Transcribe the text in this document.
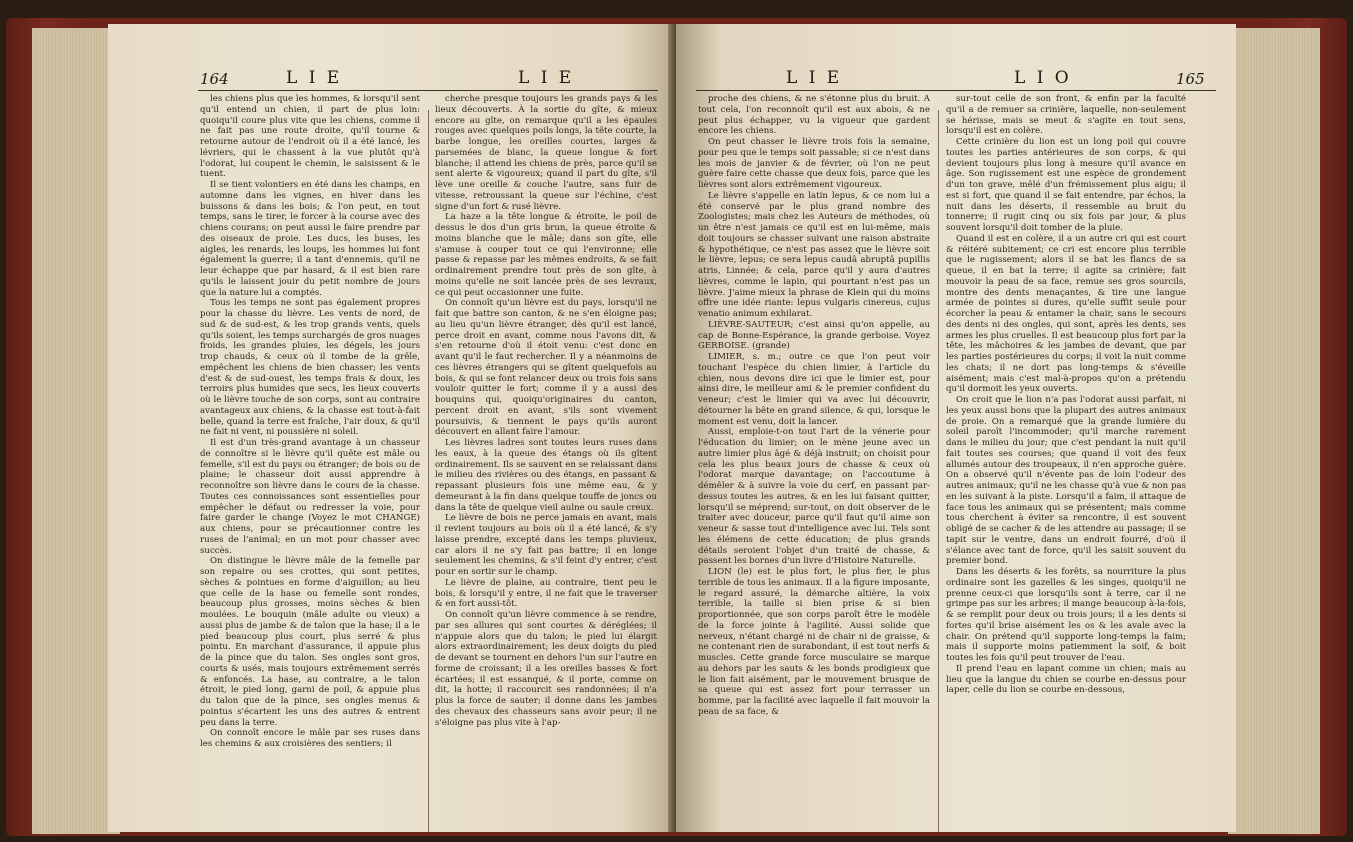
164	L I E	L I E

les chiens plus que les hommes, & lorsqu'il sent qu'il entend un chien, il part de plus loin: quoiqu'il coure plus vite que les chiens, comme il ne fait pas une route droite, qu'il tourne & retourne autour de l'endroit où il a été lancé, les lévriers, qui le chassent à la vue plutôt qu'à l'odorat, lui coupent le chemin, le saisissent & le tuent.

Il se tient volontiers en été dans les champs, en automne dans les vignes, en hiver dans les buissons & dans les bois; & l'on peut, en tout temps, sans le tirer, le forcer à la course avec des chiens courans; on peut aussi le faire prendre par des oiseaux de proie. Les ducs, les buses, les aigles, les renards, les loups, les hommes lui font également la guerre; il a tant d'ennemis, qu'il ne leur échappe que par hasard, & il est bien rare qu'ils le laissent jouir du petit nombre de jours que la nature lui a comptés.

Tous les temps ne sont pas également propres pour la chasse du lièvre. Les vents de nord, de sud & de sud-est, & les trop grands vents, quels qu'ils soient, les temps surchargés de gros nuages froids, les grandes pluies, les dégels, les jours trop chauds, & ceux où il tombe de la grêle, empêchent les chiens de bien chasser; les vents d'est & de sud-ouest, les temps frais & doux, les terroirs plus humides que secs, les lieux couverts où le lièvre touche de son corps, sont au contraire avantageux aux chiens, & la chasse est tout-à-fait belle, quand la terre est fraîche, l'air doux, & qu'il ne fait ni vent, ni poussière ni soleil.

Il est d'un très-grand avantage à un chasseur de connoître si le lièvre qu'il quête est mâle ou femelle, s'il est du pays ou étranger; de bois ou de plaine; le chasseur doit aussi apprendre à reconnoître son lièvre dans le cours de la chasse. Toutes ces connoissances sont essentielles pour empêcher le défaut ou redresser la voie, pour faire garder le change (Voyez le mot CHANGE) aux chiens, pour se précautionner contre les ruses de l'animal; en un mot pour chasser avec succès.

On distingue le lièvre mâle de la femelle par son repaire ou ses crottes, qui sont petites, sèches & pointues en forme d'aiguillon; au lieu que celle de la hase ou femelle sont rondes, beaucoup plus grosses, moins sèches & bien moulées. Le bouquin (mâle adulte ou vieux) a aussi plus de jambe & de talon que la hase; il a le pied beaucoup plus court, plus serré & plus pointu. En marchant d'assurance, il appuie plus de la pince que du talon. Ses ongles sont gros, courts & usés, mais toujours extrêmement serrés & enfoncés. La hase, au contraire, a le talon étroit, le pied long, garni de poil, & appuie plus du talon que de la pince, ses ongles menus & pointus s'écartent les uns des autres & entrent peu dans la terre.

On connoît encore le mâle par ses ruses dans les chemins & aux croisières des sentiers; il

cherche presque toujours les grands pays & les lieux découverts. À la sortie du gîte, & mieux encore au gîte, on remarque qu'il a les épaules rouges avec quelques poils longs, la tête courte, la barbe longue, les oreilles courtes, larges & parsemées de blanc, la queue longue & fort blanche; il attend les chiens de près, parce qu'il se sent alerte & vigoureux; quand il part du gîte, s'il lève une oreille & couche l'autre, sans fuir de vitesse, retroussant la queue sur l'échine, c'est signe d'un fort & rusé lièvre.

La haze a la tête longue & étroite, le poil de dessus le dos d'un gris brun, la queue étroite & moins blanche que le mâle; dans son gîte, elle s'amuse à couper tout ce qui l'environne; elle passe & repasse par les mêmes endroits, & se fait ordinairement prendre tout près de son gîte, à moins qu'elle ne soit lancée près de ses levraux, ce qui peut occasionner une fuite.

On connoît qu'un lièvre est du pays, lorsqu'il ne fait que battre son canton, & ne s'en éloigne pas; au lieu qu'un lièvre étranger, dès qu'il est lancé, perce droit en avant, comme nous l'avons dit, & s'en retourne d'où il étoit venu: c'est donc en avant qu'il le faut rechercher. Il y a néanmoins de ces lièvres étrangers qui se gîtent quelquefois au bois, & qui se font relancer deux ou trois fois sans vouloir quitter le fort; comme il y a aussi des bouquins qui, quoiqu'originaires du canton, percent droit en avant, s'ils sont vivement poursuivis, & tiennent le pays qu'ils auront découvert en allant faire l'amour.

Les lièvres ladres sont toutes leurs ruses dans les eaux, à la queue des étangs où ils gîtent ordinairement. Ils se sauvent en se relaissant dans le milieu des rivières ou des étangs, en passant & repassant plusieurs fois une même eau, & y demeurant à la fin dans quelque touffe de joncs ou dans la tête de quelque vieil aulne ou saule creux.

Le lièvre de bois ne perce jamais en avant, mais il revient toujours au bois où il a été lancé, & s'y laisse prendre, excepté dans les temps pluvieux, car alors il ne s'y fait pas battre; il en longe seulement les chemins, & s'il feint d'y entrer, c'est pour en sortir sur le champ.

Le lièvre de plaine, au contraire, tient peu le bois, & lorsqu'il y entre, il ne fait que le traverser & en fort aussi-tôt.

On connoît qu'un lièvre commence à se rendre, par ses allures qui sont courtes & déréglées; il n'appuie alors que du talon; le pied lui élargit alors extraordinairement; les deux doigts du pied de devant se tournent en dehors l'un sur l'autre en forme de croissant; il a les oreilles basses & fort écartées; il est essanqué, & il porte, comme on dit, la hotte; il raccourcit ses randonnées; il n'a plus la force de sauter; il donne dans les jambes des chevaux des chasseurs sans avoir peur; il ne s'éloigne pas plus vite à l'ap-

L I E	L I O	165

proche des chiens, & ne s'étonne plus du bruit. À tout cela, l'on reconnoît qu'il est aux abois, & ne peut plus échapper, vu la vigueur que gardent encore les chiens.

On peut chasser le lièvre trois fois la semaine, pour peu que le temps soit passable; si ce n'est dans les mois de janvier & de février, où l'on ne peut guère faire cette chasse que deux fois, parce que les lièvres sont alors extrêmement vigoureux.

Le lièvre s'appelle en latin lepus, & ce nom lui a été conservé par le plus grand nombre des Zoologistes; mais chez les Auteurs de méthodes, où un être n'est jamais ce qu'il est en lui-même, mais doit toujours se chasser suivant une raison abstraite & hypothétique, ce n'est pas assez que le lièvre soit le lièvre, lepus; ce sera lepus caudâ abruptâ pupillis atris, Linnée; & cela, parce qu'il y aura d'autres lièvres, comme le lapin, qui pourtant n'est pas un lièvre. J'aime mieux la phrase de Klein qui du moins offre une idée riante: lepus vulgaris cinereus, cujus venatio animum exhilarat.

LIÈVRE-SAUTEUR; c'est ainsi qu'on appelle, au cap de Bonne-Espérance, la grande gerboise. Voyez GERBOISE. (grande)

LIMIER, s. m.; outre ce que l'on peut voir touchant l'espèce du chien limier, à l'article du chien, nous devons dire ici que le limier est, pour ainsi dire, le meilleur ami & le premier confident du veneur; c'est le limier qui va avec lui découvrir, détourner la bête en grand silence, & qui, lorsque le moment est venu, doit la lancer.

Aussi, emploie-t-on tout l'art de la vénerie pour l'éducation du limier; on le mène jeune avec un autre limier plus âgé & déjà instruit; on choisit pour cela les plus beaux jours de chasse & ceux où l'odorat marque davantage; on l'accoutume à démêler & à suivre la voie du cerf, en passant par-dessus toutes les autres, & en les lui faisant quitter, lorsqu'il se méprend; sur-tout, on doit observer de le traiter avec douceur, parce qu'il faut qu'il aime son veneur & sasse tout d'intelligence avec lui. Tels sont les élémens de cette éducation; de plus grands détails seroient l'objet d'un traité de chasse, & passent les bornes d'un livre d'Histoire Naturelle.

LION (le) est le plus fort, le plus fier, le plus terrible de tous les animaux. Il a la figure imposante, le regard assuré, la démarche altière, la voix terrible, la taille si bien prise & si bien proportionnée, que son corps paroît être le modèle de la force jointe à l'agilité. Aussi solide que nerveux, n'étant chargé ni de chair ni de graisse, & ne contenant rien de surabondant, il est tout nerfs & muscles. Cette grande force musculaire se marque au dehors par les sauts & les bonds prodigieux que le lion fait aisément, par le mouvement brusque de sa queue qui est assez fort pour terrasser un homme, par la facilité avec laquelle il fait mouvoir la peau de sa face, &

sur-tout celle de son front, & enfin par la faculté qu'il a de remuer sa crinière, laquelle, non-seulement se hérisse, mais se meut & s'agite en tout sens, lorsqu'il est en colère.

Cette crinière du lion est un long poil qui couvre toutes les parties antérieures de son corps, & qui devient toujours plus long à mesure qu'il avance en âge. Son rugissement est une espèce de grondement d'un ton grave, mêlé d'un frémissement plus aigu; il est si fort, que quand il se fait entendre, par échos, la nuit dans les déserts, il ressemble au bruit du tonnerre; il rugit cinq ou six fois par jour, & plus souvent lorsqu'il doit tomber de la pluie.

Quand il est en colère, il a un autre cri qui est court & réitéré subitement; ce cri est encore plus terrible que le rugissement; alors il se bat les flancs de sa queue, il en bat la terre; il agite sa crinière; fait mouvoir la peau de sa face, remue ses gros sourcils, montre des dents menaçantes, & tire une langue armée de pointes si dures, qu'elle suffit seule pour écorcher la peau & entamer la chair, sans le secours des dents ni des ongles, qui sont, après les dents, ses armes les plus cruelles. Il est beaucoup plus fort par la tête, les mâchoires & les jambes de devant, que par les parties postérieures du corps; il voit la nuit comme les chats; il ne dort pas long-temps & s'éveille aisément; mais c'est mal-à-propos qu'on a prétendu qu'il dormoit les yeux ouverts.

On croit que le lion n'a pas l'odorat aussi parfait, ni les yeux aussi bons que la plupart des autres animaux de proie. On a remarqué que la grande lumière du soleil paroît l'incommoder; qu'il marche rarement dans le milieu du jour; que c'est pendant la nuit qu'il fait toutes ses courses; que quand il voit des feux allumés autour des troupeaux, il n'en approche guère. On a observé qu'il n'évente pas de loin l'odeur des autres animaux; qu'il ne les chasse qu'à vue & non pas en les suivant à la piste. Lorsqu'il a faim, il attaque de face tous les animaux qui se présentent; mais comme tous cherchent à éviter sa rencontre, il est souvent obligé de se cacher & de les attendre au passage; il se tapit sur le ventre, dans un endroit fourré, d'où il s'élance avec tant de force, qu'il les saisit souvent du premier bond.

Dans les déserts & les forêts, sa nourriture la plus ordinaire sont les gazelles & les singes, quoiqu'il ne prenne ceux-ci que lorsqu'ils sont à terre, car il ne grimpe pas sur les arbres; il mange beaucoup à-la-fois, & se remplit pour deux ou trois jours; il a les dents si fortes qu'il brise aisément les os & les avale avec la chair. On prétend qu'il supporte long-temps la faim; mais il supporte moins patiemment la soif, & boit toutes les fois qu'il peut trouver de l'eau.

Il prend l'eau en lapant comme un chien; mais au lieu que la langue du chien se courbe en-dessus pour laper, celle du lion se courbe en-dessous,
